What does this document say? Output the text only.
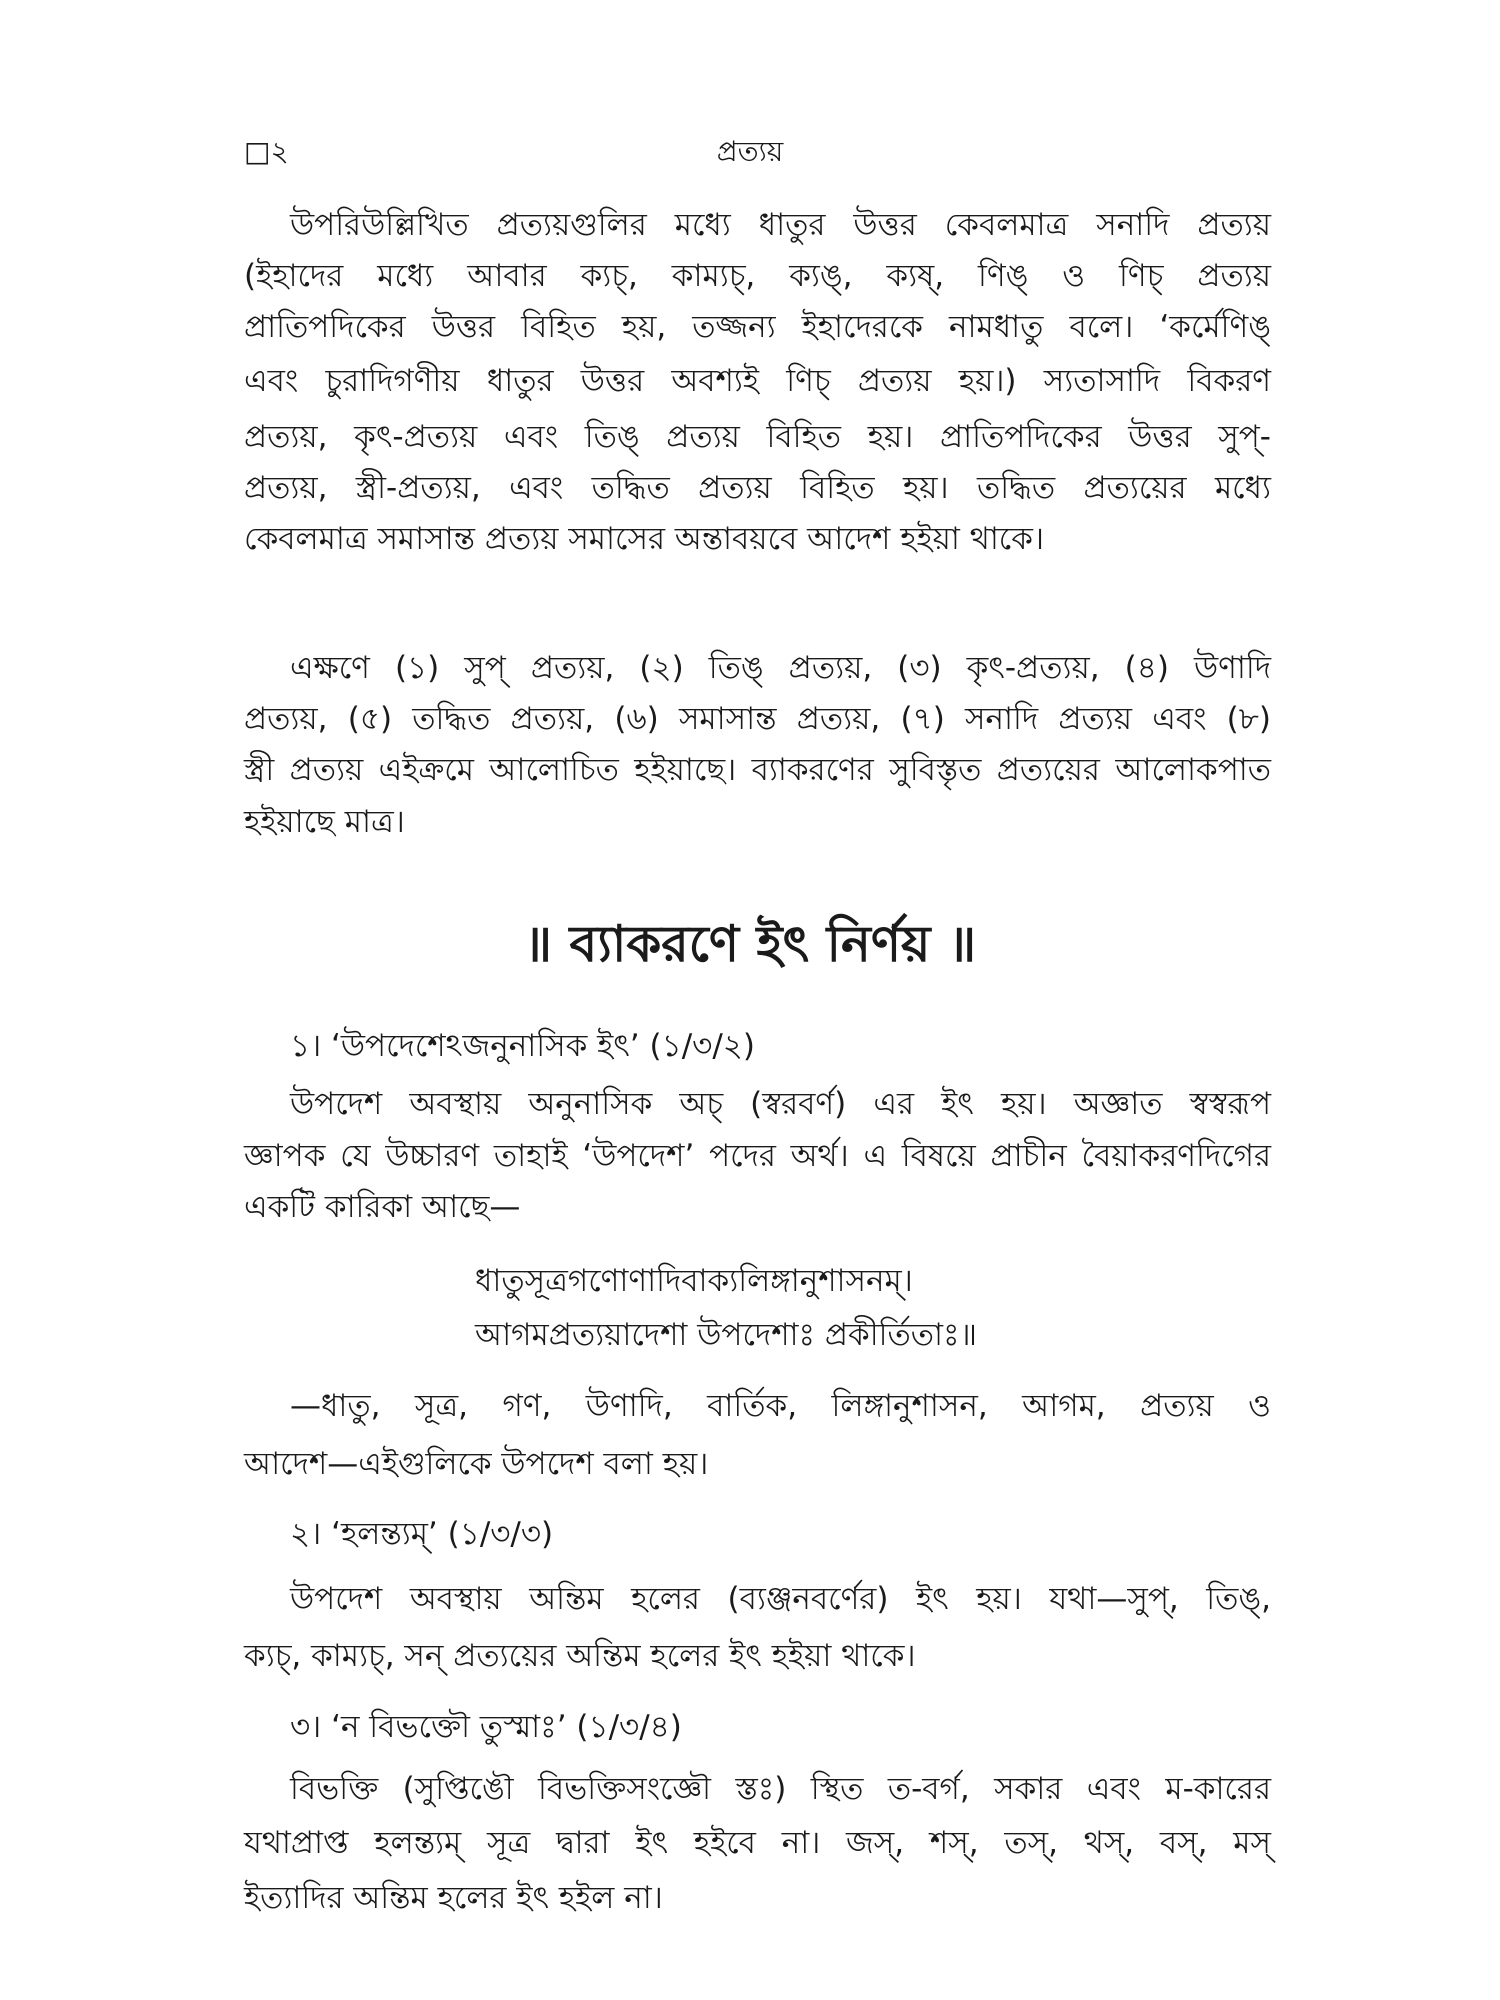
□২	প্রত্যয়
উপরিউল্লিখিত প্রত্যয়গুলির মধ্যে ধাতুর উত্তর কেবলমাত্র সনাদি প্রত্যয়
(ইহাদের মধ্যে আবার ক্যচ্, কাম্যচ্, ক্যঙ্, ক্যষ্, ণিঙ্ ও ণিচ্ প্রত্যয়
প্রাতিপদিকের উত্তর বিহিত হয়, তজ্জন্য ইহাদেরকে নামধাতু বলে। ‘কর্মেণিঙ্
এবং চুরাদিগণীয় ধাতুর উত্তর অবশ্যই ণিচ্ প্রত্যয় হয়।) স্যতাসাদি বিকরণ
প্রত্যয়, কৃৎ-প্রত্যয় এবং তিঙ্ প্রত্যয় বিহিত হয়। প্রাতিপদিকের উত্তর সুপ্-
প্রত্যয়, স্ত্রী-প্রত্যয়, এবং তদ্ধিত প্রত্যয় বিহিত হয়। তদ্ধিত প্রত্যয়ের মধ্যে
কেবলমাত্র সমাসান্ত প্রত্যয় সমাসের অন্তাবয়বে আদেশ হইয়া থাকে।
এক্ষণে (১) সুপ্ প্রত্যয়, (২) তিঙ্ প্রত্যয়, (৩) কৃৎ-প্রত্যয়, (৪) উণাদি
প্রত্যয়, (৫) তদ্ধিত প্রত্যয়, (৬) সমাসান্ত প্রত্যয়, (৭) সনাদি প্রত্যয় এবং (৮)
স্ত্রী প্রত্যয় এইক্রমে আলোচিত হইয়াছে। ব্যাকরণের সুবিস্তৃত প্রত্যয়ের আলোকপাত
হইয়াছে মাত্র।
॥ ব্যাকরণে ইৎ নির্ণয় ॥
১। ‘উপদেশেঽজনুনাসিক ইৎ’ (১/৩/২)
উপদেশ অবস্থায় অনুনাসিক অচ্ (স্বরবর্ণ) এর ইৎ হয়। অজ্ঞাত স্বস্বরূপ
জ্ঞাপক যে উচ্চারণ তাহাই ‘উপদেশ’ পদের অর্থ। এ বিষয়ে প্রাচীন বৈয়াকরণদিগের
একটি কারিকা আছে—
ধাতুসূত্রগণোণাদিবাক্যলিঙ্গানুশাসনম্।
আগমপ্রত্যয়াদেশা উপদেশাঃ প্রকীর্তিতাঃ॥
—ধাতু, সূত্র, গণ, উণাদি, বার্তিক, লিঙ্গানুশাসন, আগম, প্রত্যয় ও
আদেশ—এইগুলিকে উপদেশ বলা হয়।
২। ‘হলন্ত্যম্’ (১/৩/৩)
উপদেশ অবস্থায় অন্তিম হলের (ব্যঞ্জনবর্ণের) ইৎ হয়। যথা—সুপ্, তিঙ্,
ক্যচ্, কাম্যচ্, সন্ প্রত্যয়ের অন্তিম হলের ইৎ হইয়া থাকে।
৩। ‘ন বিভক্তৌ তুস্মাঃ’ (১/৩/৪)
বিভক্তি (সুপ্তিঙৌ বিভক্তিসংজ্ঞৌ স্তঃ) স্থিত ত-বর্গ, সকার এবং ম-কারের
যথাপ্রাপ্ত হলন্ত্যম্ সূত্র দ্বারা ইৎ হইবে না। জস্, শস্, তস্, থস্, বস্, মস্
ইত্যাদির অন্তিম হলের ইৎ হইল না।
